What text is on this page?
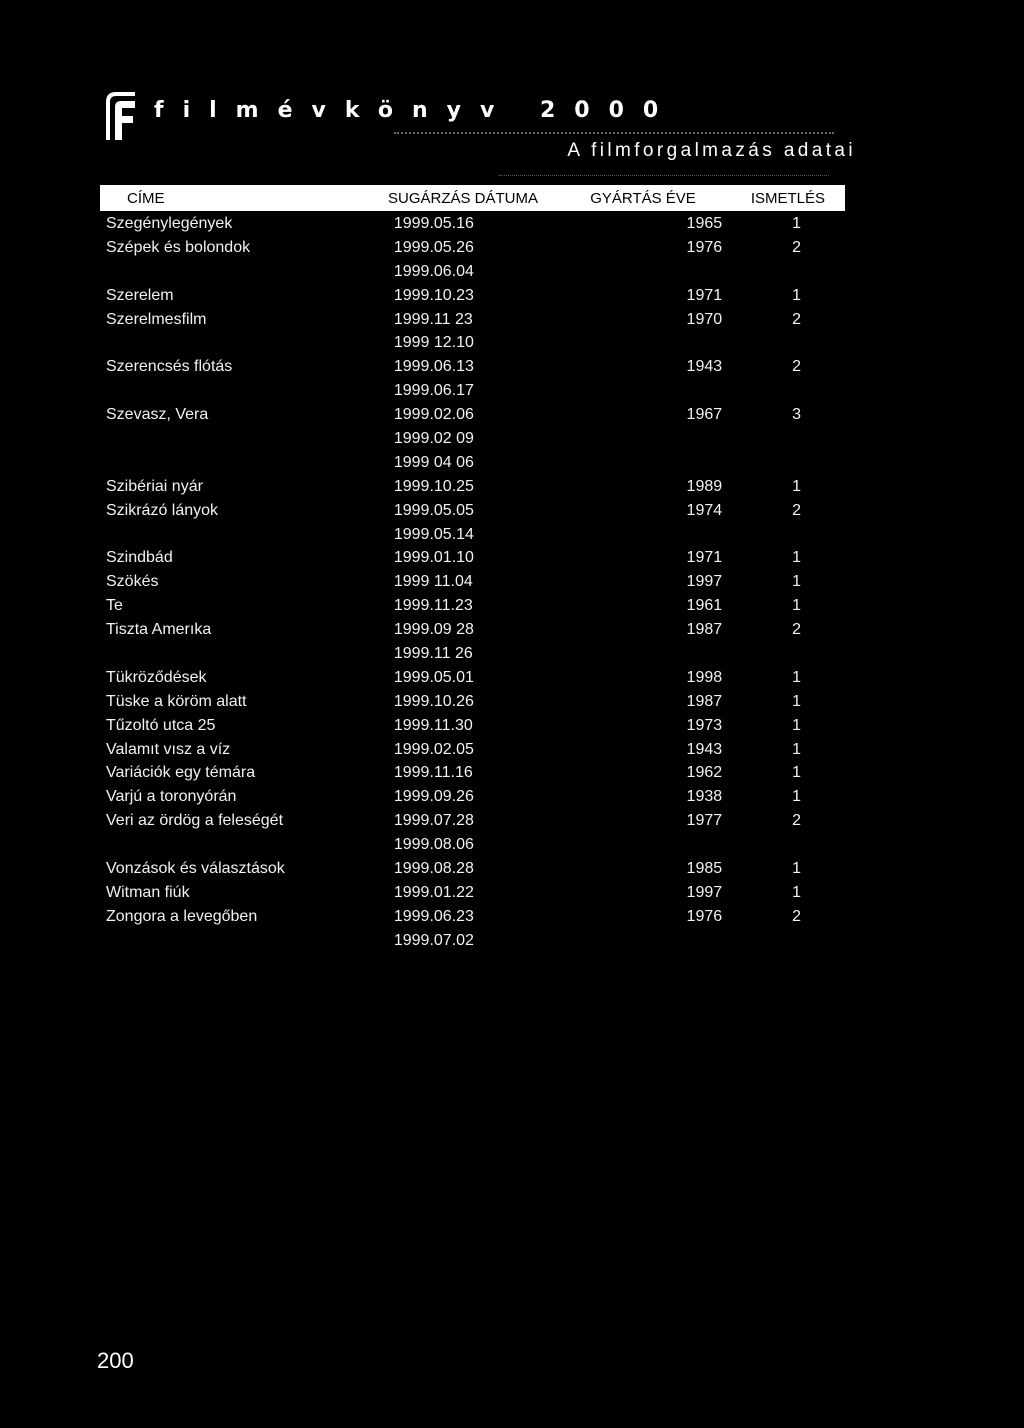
filmévkönyv 2000
A filmforgalmazás adatai
CÍME	SUGÁRZÁS DÁTUMA	GYÁRTÁS ÉVE	ISMETLÉS
Szegénylegények	1999.05.16	1965	1
Szépek és bolondok	1999.05.26	1976	2
1999.06.04
Szerelem	1999.10.23	1971	1
Szerelmesfilm	1999.11 23	1970	2
1999 12.10
Szerencsés flótás	1999.06.13	1943	2
1999.06.17
Szevasz, Vera	1999.02.06	1967	3
1999.02 09
1999 04 06
Szibériai nyár	1999.10.25	1989	1
Szikrázó lányok	1999.05.05	1974	2
1999.05.14
Szindbád	1999.01.10	1971	1
Szökés	1999 11.04	1997	1
Te	1999.11.23	1961	1
Tiszta Amerıka	1999.09 28	1987	2
1999.11 26
Tükröződések	1999.05.01	1998	1
Tüske a köröm alatt	1999.10.26	1987	1
Tűzoltó utca 25	1999.11.30	1973	1
Valamıt vısz a víz	1999.02.05	1943	1
Variációk egy témára	1999.11.16	1962	1
Varjú a toronyórán	1999.09.26	1938	1
Veri az ördög a feleségét	1999.07.28	1977	2
1999.08.06
Vonzások és választások	1999.08.28	1985	1
Witman fiúk	1999.01.22	1997	1
Zongora a levegőben	1999.06.23	1976	2
1999.07.02
200
